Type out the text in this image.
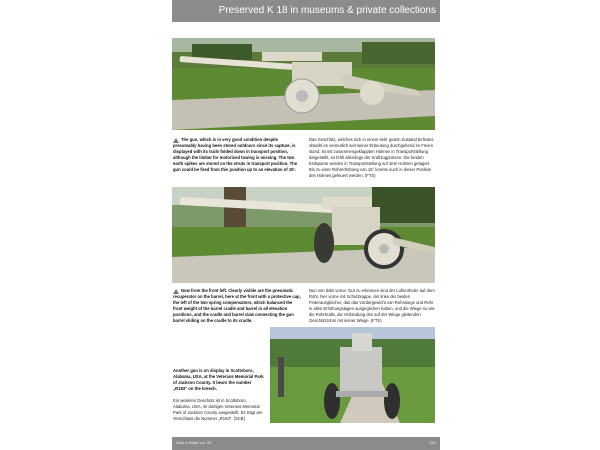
Preserved K 18 in museums & private collections
The gun, which is in very good condition despite presumably having been stored outdoors since its capture, is displayed with its trails folded down in transport position, although the limber for motorised towing is missing. The two earth spikes are stored on the struts in transport position. The gun could be fired from this position up to an elevation of 15°.
Das Geschütz, welches sich in einem sehr gutem Zustand befindet, obwohl es vermutlich seit seiner Erbeutung durchgehend im Freien stand, ist mit zusammengeklappten Holmen in Transportstellung dargestellt, es fehlt allerdings der Kraftzugprotzen. Die beiden Erdsporne werden in Transportstellung auf dem Holmen gelagert. Bis zu einer Rohrerhöhung von 15° konnte auch in dieser Position des Holmes gefeuert werden. (FTS)
Now from the front left. Clearly visible are the pneumatic recuperator on the barrel, here at the front with a protective cap, the left of the two spring compensators, which balanced the front weight of the barrel cradle and barrel in all elevation positions, and the cradle and barrel claw connecting the gun barrel sliding on the cradle to its cradle.
Nun von links vorne. Gut zu erkennen sind der Luftvorholer auf dem Rohr, hier vorne mit Schutzkappe, der linke der beiden Federausgleicher, das das Vordergewicht von Rohrwiege und Rohr in allen Erhöhungslagen ausgeglichen haben, und die Wiege so wie die Rohrkralle, die Verbindung des auf der Wiege gleitenden Geschützrohrs mit seiner Wiege. (FTS)
Another gun is on display in Scottsboro, Alabama, USA, at the Veterans Memorial Park of Jackson County. It bears the number „R183" on the breech.
Ein weiteres Geschütz ist in Scottsboro, Alabama, USA, im dortigen Veterans Memorial Park of Jackson County ausgestellt. Es trägt am Verschluss die Nummer „R183". (SCB)
Nuts & Bolts Vol. 33	241
